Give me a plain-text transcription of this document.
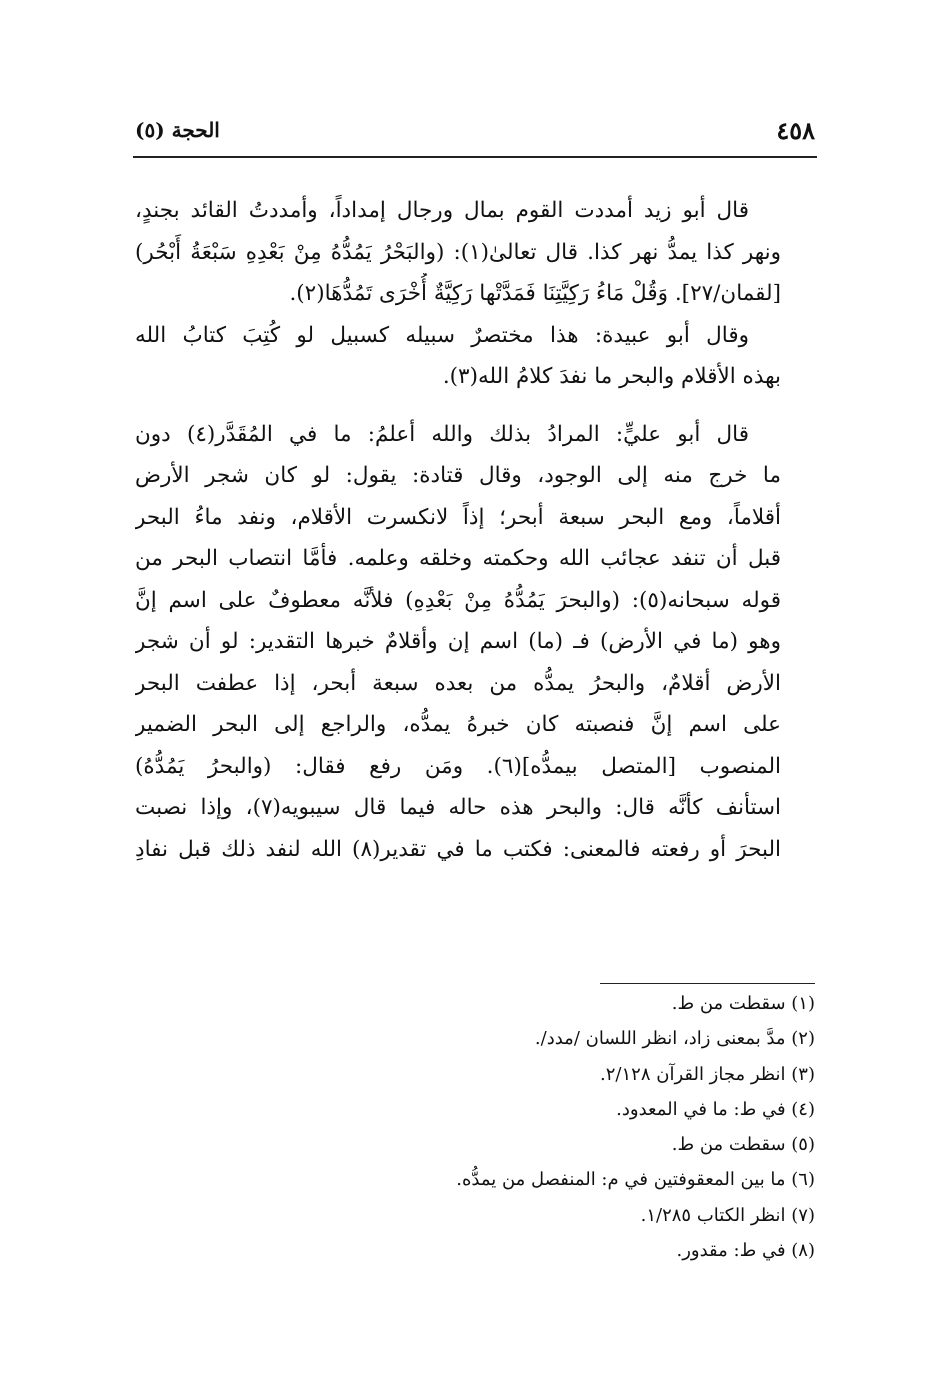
٤٥٨
الحجة (٥)
قال أبو زيد أمددت القوم بمال ورجال إمداداً، وأمددتُ القائد بجندٍ،
ونهر كذا يمدُّ نهر كذا. قال تعالىٰ(١): (والبَحْرُ يَمُدُّهُ مِنْ بَعْدِهِ سَبْعَةُ أَبْحُر)
[لقمان/٢٧]. وَقُلْ مَاءُ رَكِيَّتِنَا فَمَدَّتْها رَكِيَّةٌ أُخْرَى تَمُدُّهَا(٢).
وقال أبو عبيدة: هذا مختصرٌ سبيله كسبيل لو كُتِبَ كتابُ الله
بهذه الأقلام والبحر ما نفدَ كلامُ الله(٣).
قال أبو عليٍّ: المرادُ بذلك والله أعلمُ: ما في المُقَدَّر(٤) دون
ما خرج منه إلى الوجود، وقال قتادة: يقول: لو كان شجر الأرض
أقلاماً، ومع البحر سبعة أبحر؛ إذاً لانكسرت الأقلام، ونفد ماءُ البحر
قبل أن تنفد عجائب الله وحكمته وخلقه وعلمه. فأمَّا انتصاب البحر من
قوله سبحانه(٥): (والبحرَ يَمُدُّهُ مِنْ بَعْدِهِ) فلأنَّه معطوفٌ على اسم إنَّ
وهو (ما في الأرض) فـ (ما) اسم إن وأقلامٌ خبرها التقدير: لو أن شجر
الأرض أقلامٌ، والبحرُ يمدُّه من بعده سبعة أبحر، إذا عطفت البحر
على اسم إنَّ فنصبته كان خبرهُ يمدُّه، والراجع إلى البحر الضمير
المنصوب [المتصل بيمدُّه](٦). ومَن رفع فقال: (والبحرُ يَمُدُّهُ)
استأنف كأنَّه قال: والبحر هذه حاله فيما قال سيبويه(٧)، وإذا نصبت
البحرَ أو رفعته فالمعنى: فكتب ما في تقدير(٨) الله لنفد ذلك قبل نفادِ
(١) سقطت من ط.
(٢) مدَّ بمعنى زاد، انظر اللسان /مدد/.
(٣) انظر مجاز القرآن ٢/١٢٨.
(٤) في ط: ما في المعدود.
(٥) سقطت من ط.
(٦) ما بين المعقوفتين في م: المنفصل من يمدُّه.
(٧) انظر الكتاب ١/٢٨٥.
(٨) في ط: مقدور.
